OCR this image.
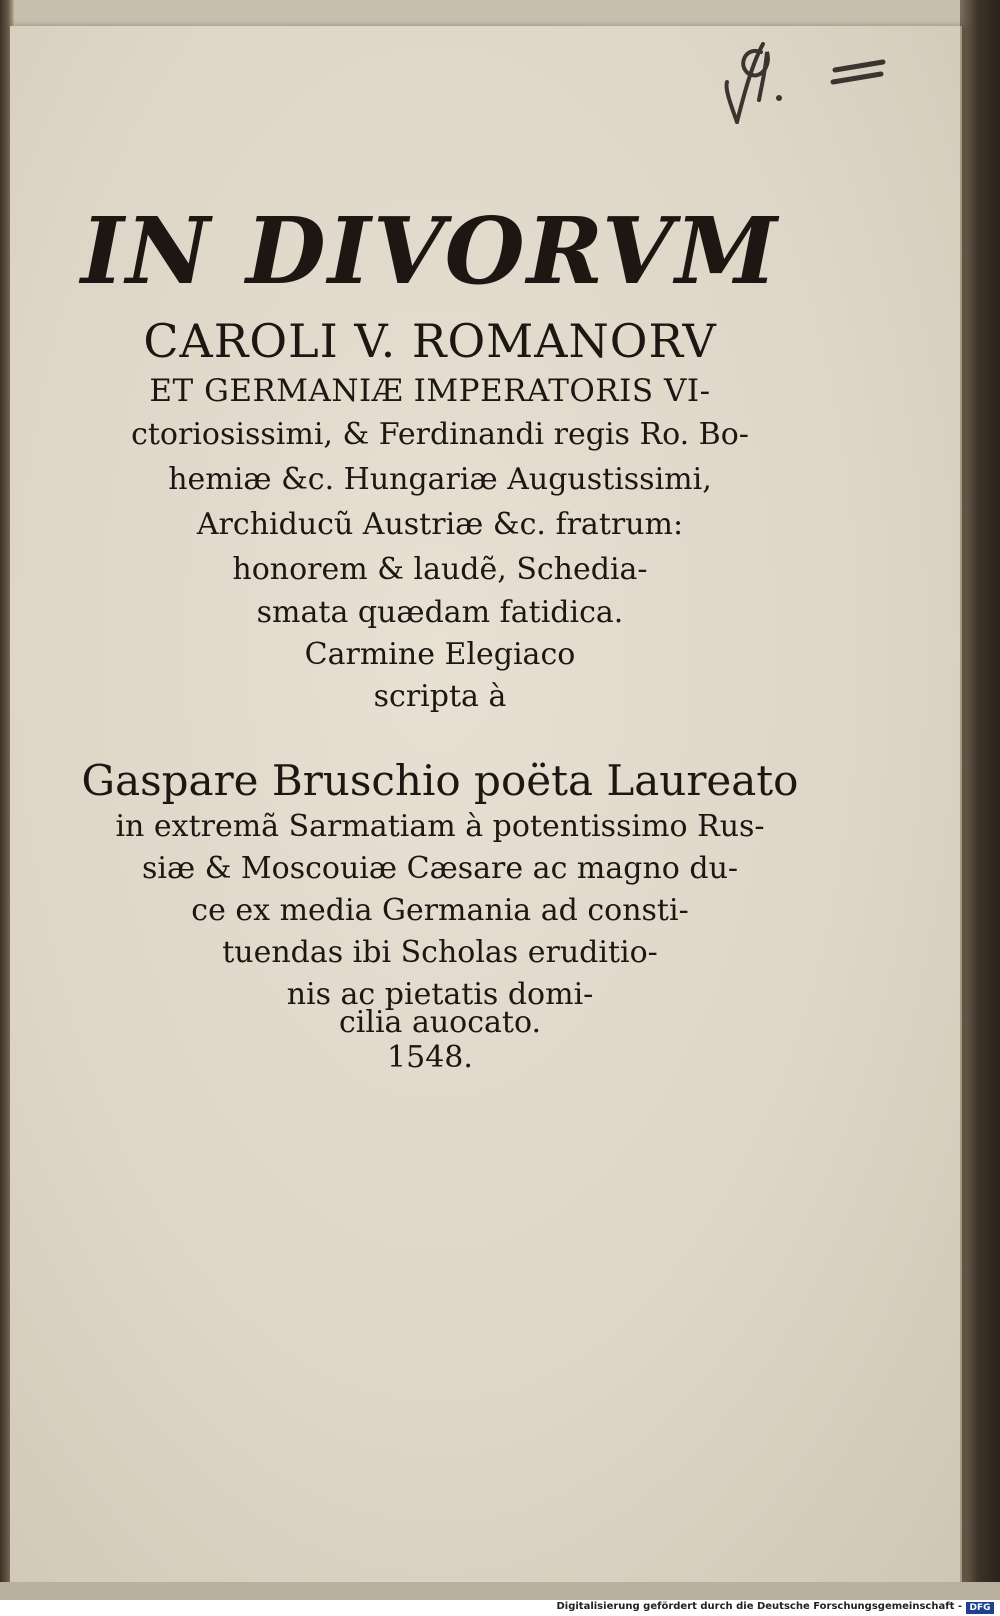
IN DIVORVM
CAROLI V. ROMANORV
ET GERMANIÆ IMPERATORIS VI-
ctoriosissimi, & Ferdinandi regis Ro. Bo-
hemiæ &c. Hungariæ Augustissimi,
Archiducũ Austriæ &c. fratrum:
honorem & laudẽ, Schedia-
smata quædam fatidica.
Carmine Elegiaco
scripta à
Gaspare Bruschio poëta Laureato
in extremã Sarmatiam à potentissimo Rus-
siæ & Moscouiæ Cæsare ac magno du-
ce ex media Germania ad consti-
tuendas ibi Scholas eruditio-
nis ac pietatis domi-
cilia auocato.
1548.
Digitalisierung gefördert durch die Deutsche Forschungsgemeinschaft - DFG
